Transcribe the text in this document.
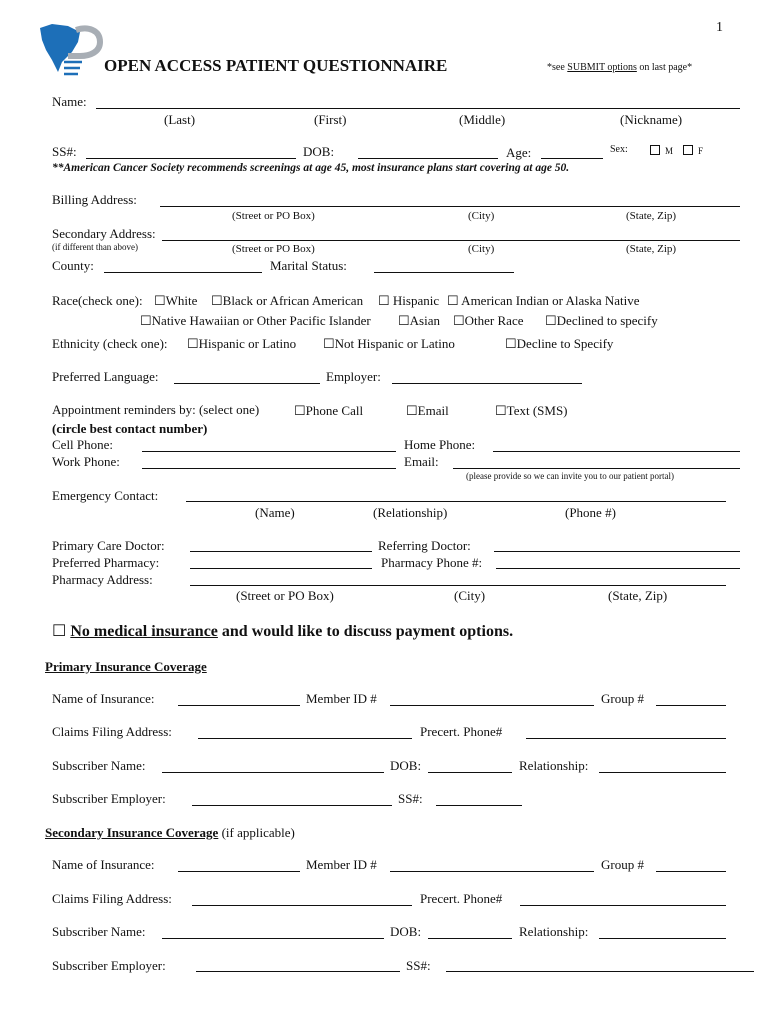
1
OPEN ACCESS PATIENT QUESTIONNAIRE	*see SUBMIT options on last page*
Name:
(Last)	(First)	(Middle)	(Nickname)
SS#:	DOB:	Age:	Sex:	M	F
**American Cancer Society recommends screenings at age 45, most insurance plans start covering at age 50.
Billing Address:
(Street or PO Box)	(City)	(State, Zip)
Secondary Address:
(if different than above)	(Street or PO Box)	(City)	(State, Zip)
County:	Marital Status:
Race(check one): ☐White ☐Black or African American ☐ Hispanic ☐ American Indian or Alaska Native
☐Native Hawaiian or Other Pacific Islander ☐Asian ☐Other Race ☐Declined to specify
Ethnicity (check one): ☐Hispanic or Latino ☐Not Hispanic or Latino	☐Decline to Specify
Preferred Language:	Employer:
Appointment reminders by: (select one)	☐Phone Call	☐Email	☐Text (SMS)
(circle best contact number)
Cell Phone:	Home Phone:
Work Phone:	Email:
(please provide so we can invite you to our patient portal)
Emergency Contact:
(Name)	(Relationship)	(Phone #)
Primary Care Doctor:	Referring Doctor:
Preferred Pharmacy:	Pharmacy Phone #:
Pharmacy Address:
(Street or PO Box)	(City)	(State, Zip)
☐ No medical insurance and would like to discuss payment options.
Primary Insurance Coverage
Name of Insurance:	Member ID #	Group #
Claims Filing Address:	Precert. Phone#
Subscriber Name:	DOB:	Relationship:
Subscriber Employer:	SS#:
Secondary Insurance Coverage (if applicable)
Name of Insurance:	Member ID #	Group #
Claims Filing Address:	Precert. Phone#
Subscriber Name:	DOB:	Relationship:
Subscriber Employer:	SS#:
